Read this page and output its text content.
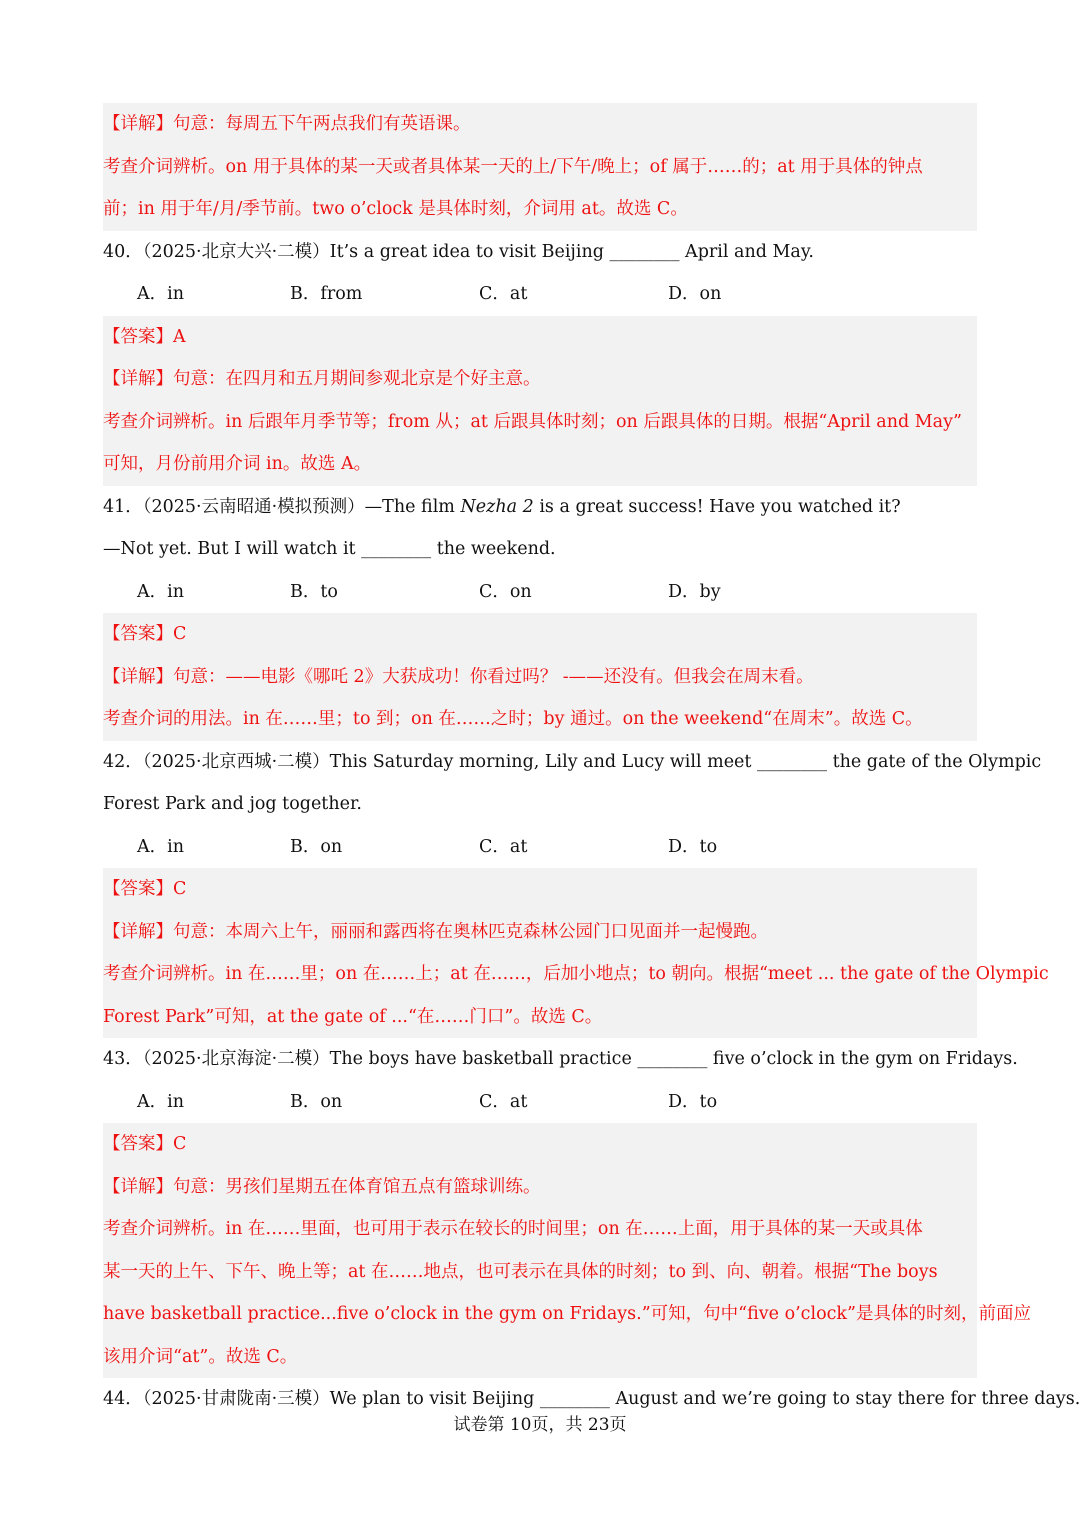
【详解】句意：每周五下午两点我们有英语课。
考查介词辨析。on 用于具体的某一天或者具体某一天的上/下午/晚上；of 属于……的；at 用于具体的钟点
前；in 用于年/月/季节前。two o’clock 是具体时刻，介词用 at。故选 C。
40．（2025·北京大兴·二模）It’s a great idea to visit Beijing ________ April and May.
A．in	B．from	C．at	D．on
【答案】A
【详解】句意：在四月和五月期间参观北京是个好主意。
考查介词辨析。in 后跟年月季节等；from 从；at 后跟具体时刻；on 后跟具体的日期。根据“April and May”
可知，月份前用介词 in。故选 A。
41．（2025·云南昭通·模拟预测）—The film Nezha 2 is a great success! Have you watched it?
—Not yet. But I will watch it ________ the weekend.
A．in	B．to	C．on	D．by
【答案】C
【详解】句意：——电影《哪吒 2》大获成功！你看过吗？ -——还没有。但我会在周末看。
考查介词的用法。in 在……里；to 到；on 在……之时；by 通过。on the weekend“在周末”。故选 C。
42．（2025·北京西城·二模）This Saturday morning, Lily and Lucy will meet ________ the gate of the Olympic
Forest Park and jog together.
A．in	B．on	C．at	D．to
【答案】C
【详解】句意：本周六上午，丽丽和露西将在奥林匹克森林公园门口见面并一起慢跑。
考查介词辨析。in 在……里；on 在……上；at 在……，后加小地点；to 朝向。根据“meet ... the gate of the Olympic
Forest Park”可知，at the gate of ...“在……门口”。故选 C。
43．（2025·北京海淀·二模）The boys have basketball practice ________ five o’clock in the gym on Fridays.
A．in	B．on	C．at	D．to
【答案】C
【详解】句意：男孩们星期五在体育馆五点有篮球训练。
考查介词辨析。in 在……里面，也可用于表示在较长的时间里；on 在……上面，用于具体的某一天或具体
某一天的上午、下午、晚上等；at 在……地点，也可表示在具体的时刻；to 到、向、朝着。根据“The boys
have basketball practice...five o’clock in the gym on Fridays.”可知，句中“five o’clock”是具体的时刻，前面应
该用介词“at”。故选 C。
44．（2025·甘肃陇南·三模）We plan to visit Beijing ________ August and we’re going to stay there for three days.
试卷第 10页，共 23页
